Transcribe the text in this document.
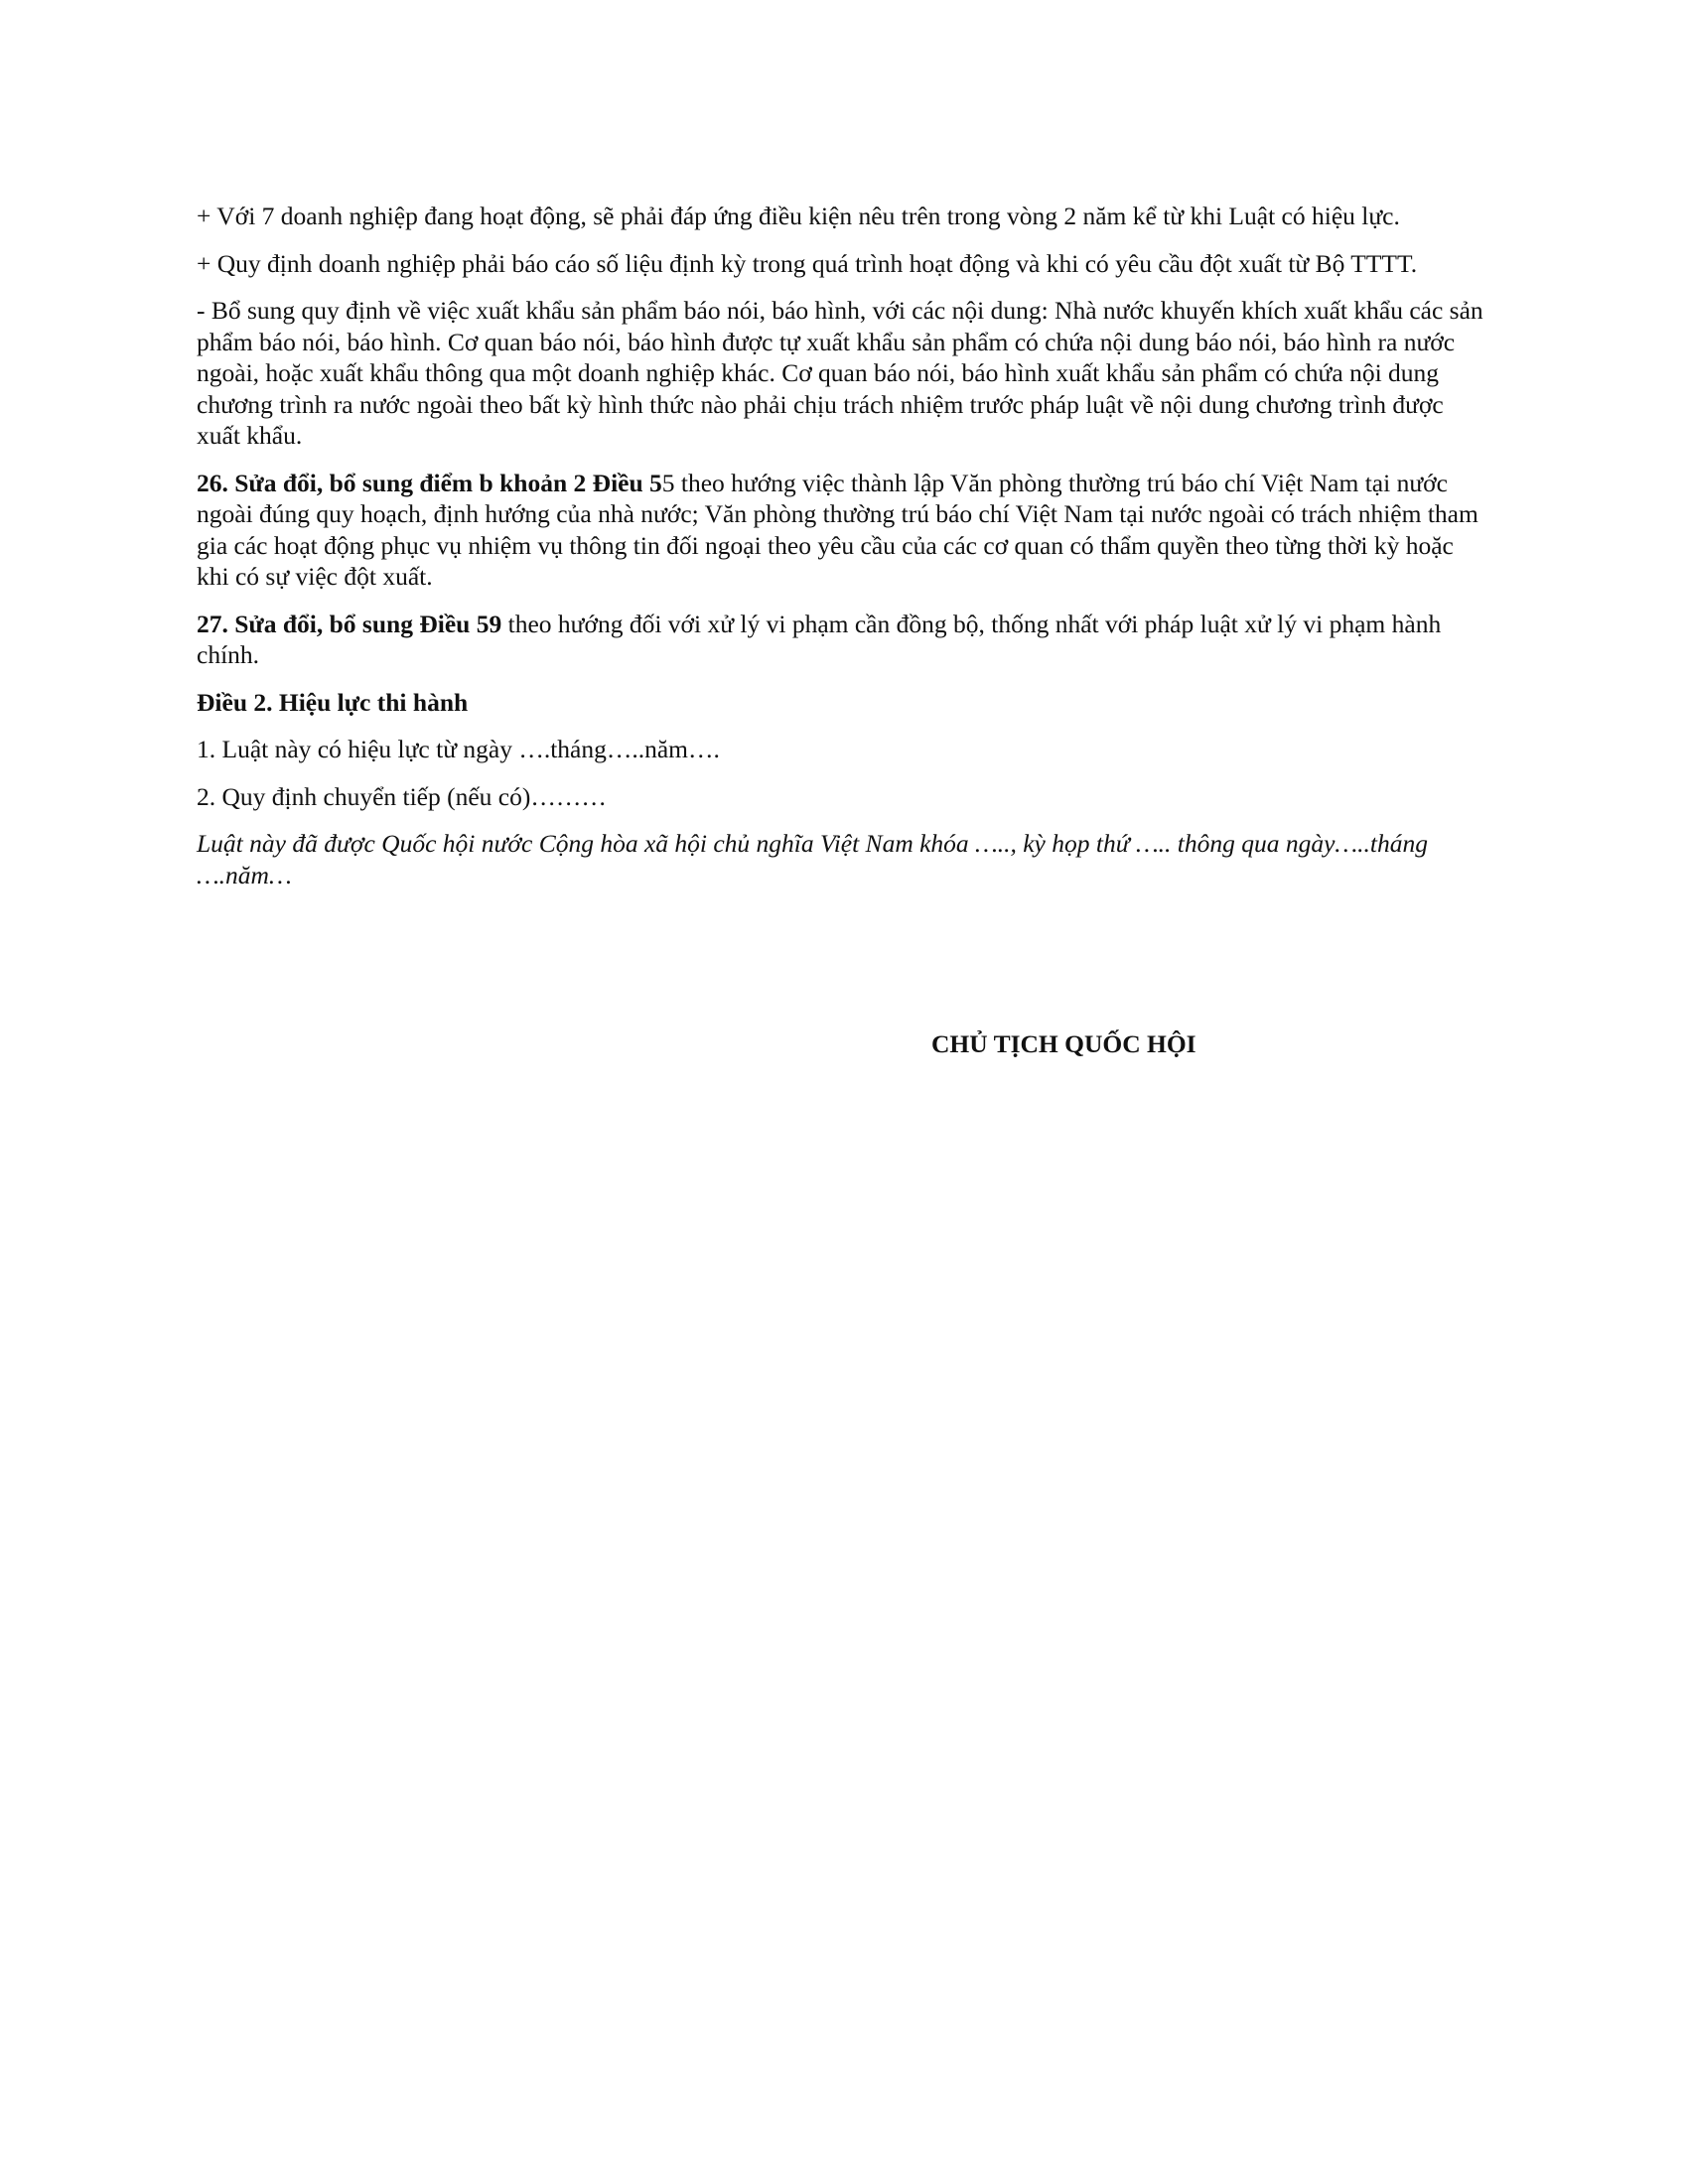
+ Với 7 doanh nghiệp đang hoạt động, sẽ phải đáp ứng điều kiện nêu trên trong vòng 2 năm kể từ khi Luật có hiệu lực.

+ Quy định doanh nghiệp phải báo cáo số liệu định kỳ trong quá trình hoạt động và khi có yêu cầu đột xuất từ Bộ TTTT.

- Bổ sung quy định về việc xuất khẩu sản phẩm báo nói, báo hình, với các nội dung: Nhà nước khuyến khích xuất khẩu các sản phẩm báo nói, báo hình. Cơ quan báo nói, báo hình được tự xuất khẩu sản phẩm có chứa nội dung báo nói, báo hình ra nước ngoài, hoặc xuất khẩu thông qua một doanh nghiệp khác. Cơ quan báo nói, báo hình xuất khẩu sản phẩm có chứa nội dung chương trình ra nước ngoài theo bất kỳ hình thức nào phải chịu trách nhiệm trước pháp luật về nội dung chương trình được xuất khẩu.

26. Sửa đổi, bổ sung điểm b khoản 2 Điều 55 theo hướng việc thành lập Văn phòng thường trú báo chí Việt Nam tại nước ngoài đúng quy hoạch, định hướng của nhà nước; Văn phòng thường trú báo chí Việt Nam tại nước ngoài có trách nhiệm tham gia các hoạt động phục vụ nhiệm vụ thông tin đối ngoại theo yêu cầu của các cơ quan có thẩm quyền theo từng thời kỳ hoặc khi có sự việc đột xuất.

27. Sửa đổi, bổ sung Điều 59 theo hướng đối với xử lý vi phạm cần đồng bộ, thống nhất với pháp luật xử lý vi phạm hành chính.

Điều 2. Hiệu lực thi hành

1. Luật này có hiệu lực từ ngày ….tháng…..năm….

2. Quy định chuyển tiếp (nếu có)………

Luật này đã được Quốc hội nước Cộng hòa xã hội chủ nghĩa Việt Nam khóa ….., kỳ họp thứ ….. thông qua ngày…..tháng ….năm…

CHỦ TỊCH QUỐC HỘI
